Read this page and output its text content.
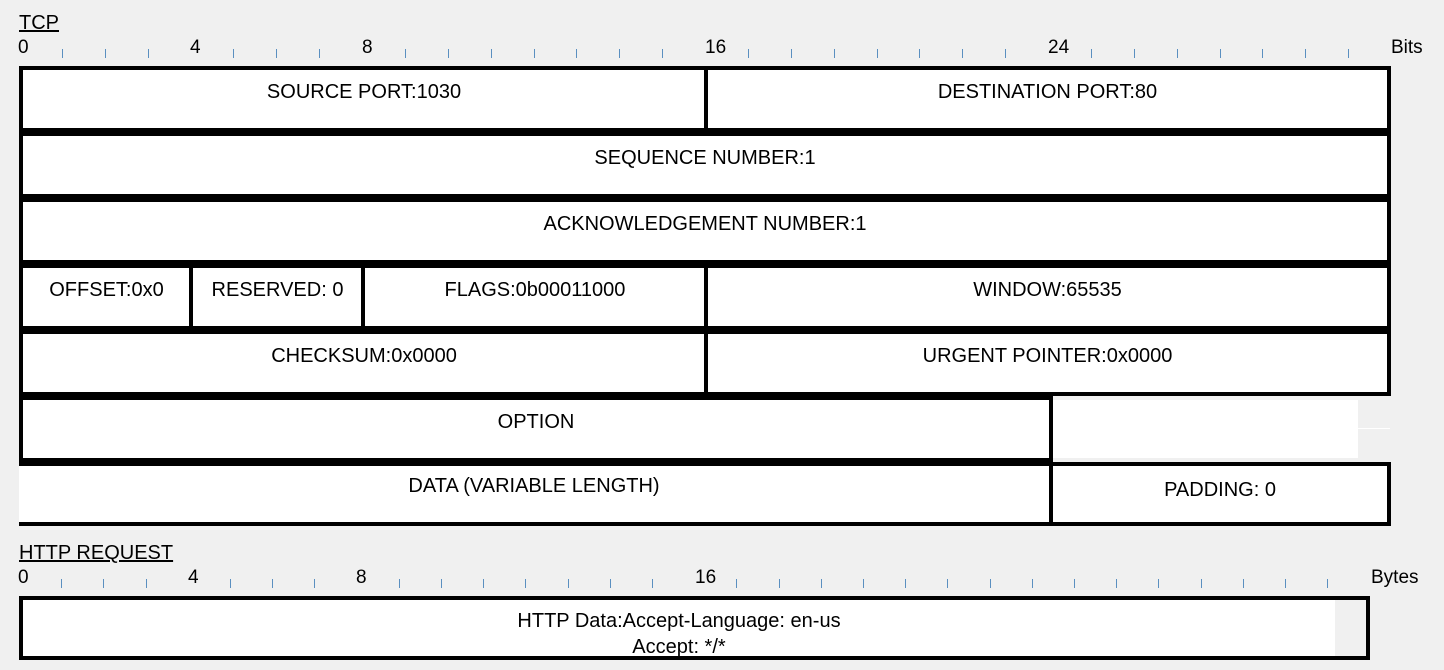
TCP
0	4	8	16	24	Bits
SOURCE PORT:1030	DESTINATION PORT:80
SEQUENCE NUMBER:1
ACKNOWLEDGEMENT NUMBER:1
OFFSET:0x0	RESERVED: 0	FLAGS:0b00011000	WINDOW:65535
CHECKSUM:0x0000	URGENT POINTER:0x0000
OPTION
DATA (VARIABLE LENGTH)	PADDING: 0
HTTP REQUEST
0	4	8	16	Bytes
HTTP Data:Accept-Language: en-us
Accept: */*
